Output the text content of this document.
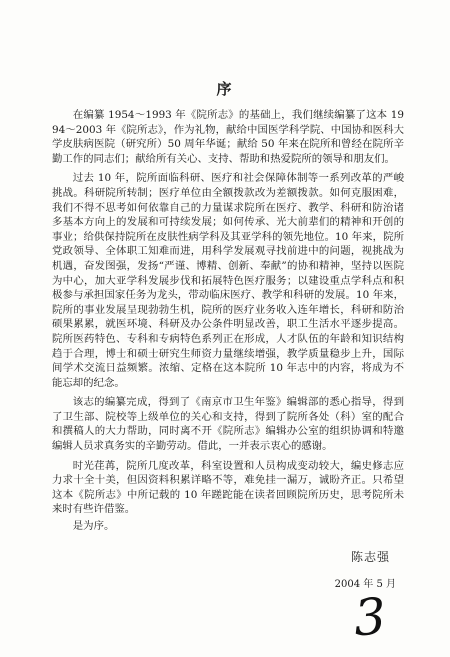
序

在编纂 1954～1993 年《院所志》的基础上，我们继续编纂了这本 1994～2003 年《院所志》，作为礼物，献给中国医学科学院、中国协和医科大学皮肤病医院（研究所）50 周年华诞；献给 50 年来在院所和曾经在院所辛勤工作的同志们；献给所有关心、支持、帮助和热爱院所的领导和朋友们。

过去 10 年，院所面临科研、医疗和社会保障体制等一系列改革的严峻挑战。科研院所转制；医疗单位由全额拨款改为差额拨款。如何克服困难，我们不得不思考如何依靠自己的力量谋求院所在医疗、教学、科研和防治诸多基本方向上的发展和可持续发展；如何传承、光大前辈们的精神和开创的事业；给供保持院所在皮肤性病学科及其亚学科的领先地位。10 年来，院所党政领导、全体职工知难而进，用科学发展观寻找前进中的问题，视挑战为机遇，奋发图强，发扬“严谨、博精、创新、奉献”的协和精神，坚持以医院为中心，加大亚学科发展步伐和拓展特色医疗服务；以建设重点学科点和积极参与承担国家任务为龙头，带动临床医疗、教学和科研的发展。10 年来，院所的事业发展呈现勃勃生机，院所的医疗业务收入连年增长，科研和防治硕果累累，就医环境、科研及办公条件明显改善，职工生活水平逐步提高。院所医药特色、专科和专病特色系列正在形成，人才队伍的年龄和知识结构趋于合理，博士和硕士研究生师资力量继续增强，教学质量稳步上升，国际间学术交流日益频繁。浓缩、定格在这本院所 10 年志中的内容，将成为不能忘却的纪念。

该志的编纂完成，得到了《南京市卫生年鉴》编辑部的悉心指导，得到了卫生部、院校等上级单位的关心和支持，得到了院所各处（科）室的配合和撰稿人的大力帮助，同时离不开《院所志》编辑办公室的组织协调和特邀编辑人员求真务实的辛勤劳动。借此，一并表示衷心的感谢。

时光荏苒，院所几度改革，科室设置和人员构成变动较大，编史修志应力求十全十美，但因资料积累详略不等，难免挂一漏万，诚盼齐正。只希望这本《院所志》中所记载的 10 年蹉跎能在读者回顾院所历史，思考院所未来时有些许借鉴。

是为序。

陈志强
2004 年 5 月
3
